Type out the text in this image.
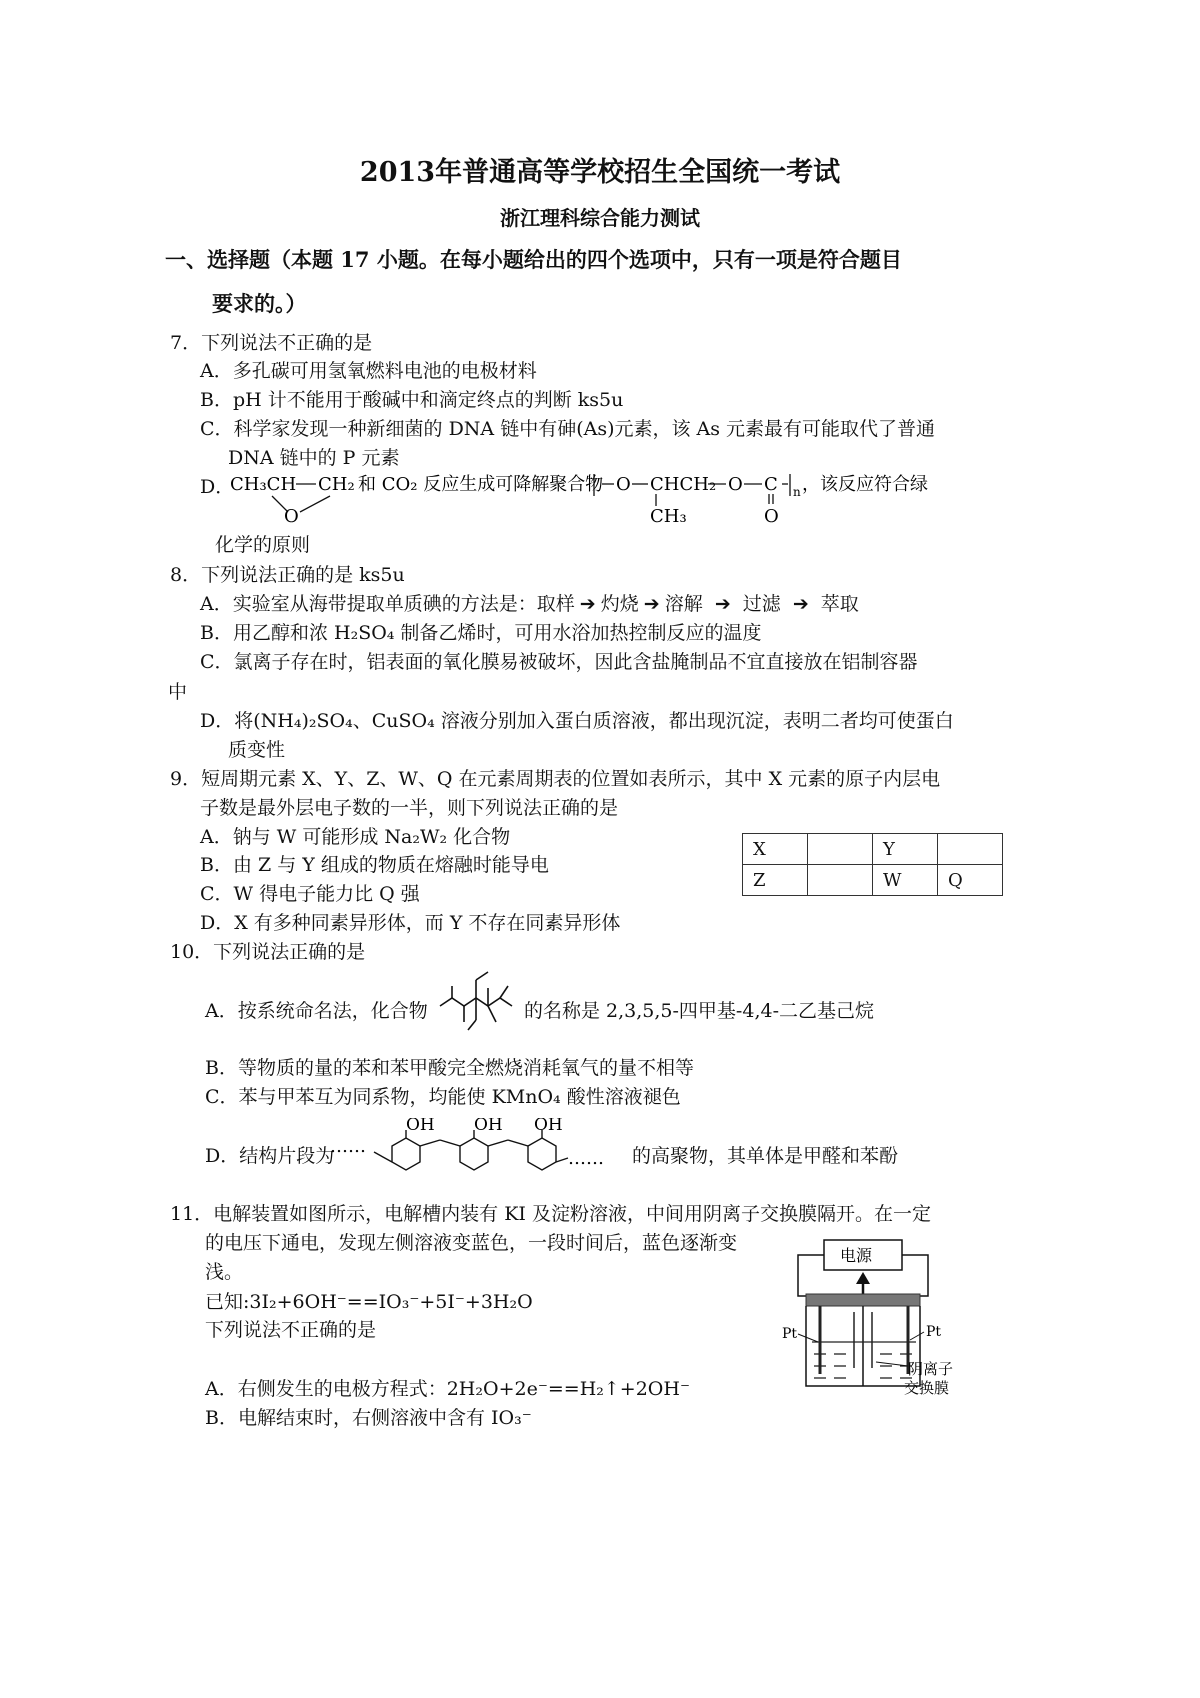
2013年普通高等学校招生全国统一考试
浙江理科综合能力测试
一、选择题（本题 17 小题。在每小题给出的四个选项中，只有一项是符合题目
要求的。）
7．下列说法不正确的是
A．多孔碳可用氢氧燃料电池的电极材料
B．pH 计不能用于酸碱中和滴定终点的判断 ks5u
C．科学家发现一种新细菌的 DNA 链中有砷(As)元素，该 As 元素最有可能取代了普通
DNA 链中的 P 元素
D．
CH₃CH CH₂
O
和 CO₂ 反应生成可降解聚合物 O CHCH₂
CH₃
O C
O
n ，该反应符合绿
化学的原则
8．下列说法正确的是 ks5u
A．实验室从海带提取单质碘的方法是：取样 ➔ 灼烧 ➔ 溶解 ➔ 过滤 ➔ 萃取
B．用乙醇和浓 H₂SO₄ 制备乙烯时，可用水浴加热控制反应的温度
C．氯离子存在时，铝表面的氧化膜易被破坏，因此含盐腌制品不宜直接放在铝制容器
中
D．将(NH₄)₂SO₄、CuSO₄ 溶液分别加入蛋白质溶液，都出现沉淀，表明二者均可使蛋白
质变性
9．短周期元素 X、Y、Z、W、Q 在元素周期表的位置如表所示，其中 X 元素的原子内层电
子数是最外层电子数的一半，则下列说法正确的是
A．钠与 W 可能形成 Na₂W₂ 化合物
B．由 Z 与 Y 组成的物质在熔融时能导电
C．W 得电子能力比 Q 强
D．X 有多种同素异形体，而 Y 不存在同素异形体
X		Y	
Z		W	Q
10．下列说法正确的是
A．按系统命名法，化合物	的名称是 2,3,5,5-四甲基-4,4-二乙基己烷
B．等物质的量的苯和苯甲酸完全燃烧消耗氧气的量不相等
C．苯与甲苯互为同系物，均能使 KMnO₄ 酸性溶液褪色
D．结构片段为
……
……
OH OH OH
的高聚物，其单体是甲醛和苯酚
11．电解装置如图所示，电解槽内装有 KI 及淀粉溶液，中间用阴离子交换膜隔开。在一定
的电压下通电，发现左侧溶液变蓝色，一段时间后，蓝色逐渐变
浅。
已知:3I₂+6OH⁻==IO₃⁻+5I⁻+3H₂O
下列说法不正确的是
A．右侧发生的电极方程式：2H₂O+2e⁻==H₂↑+2OH⁻
B．电解结束时，右侧溶液中含有 IO₃⁻
电源
Pt	Pt
阴离子
交换膜
